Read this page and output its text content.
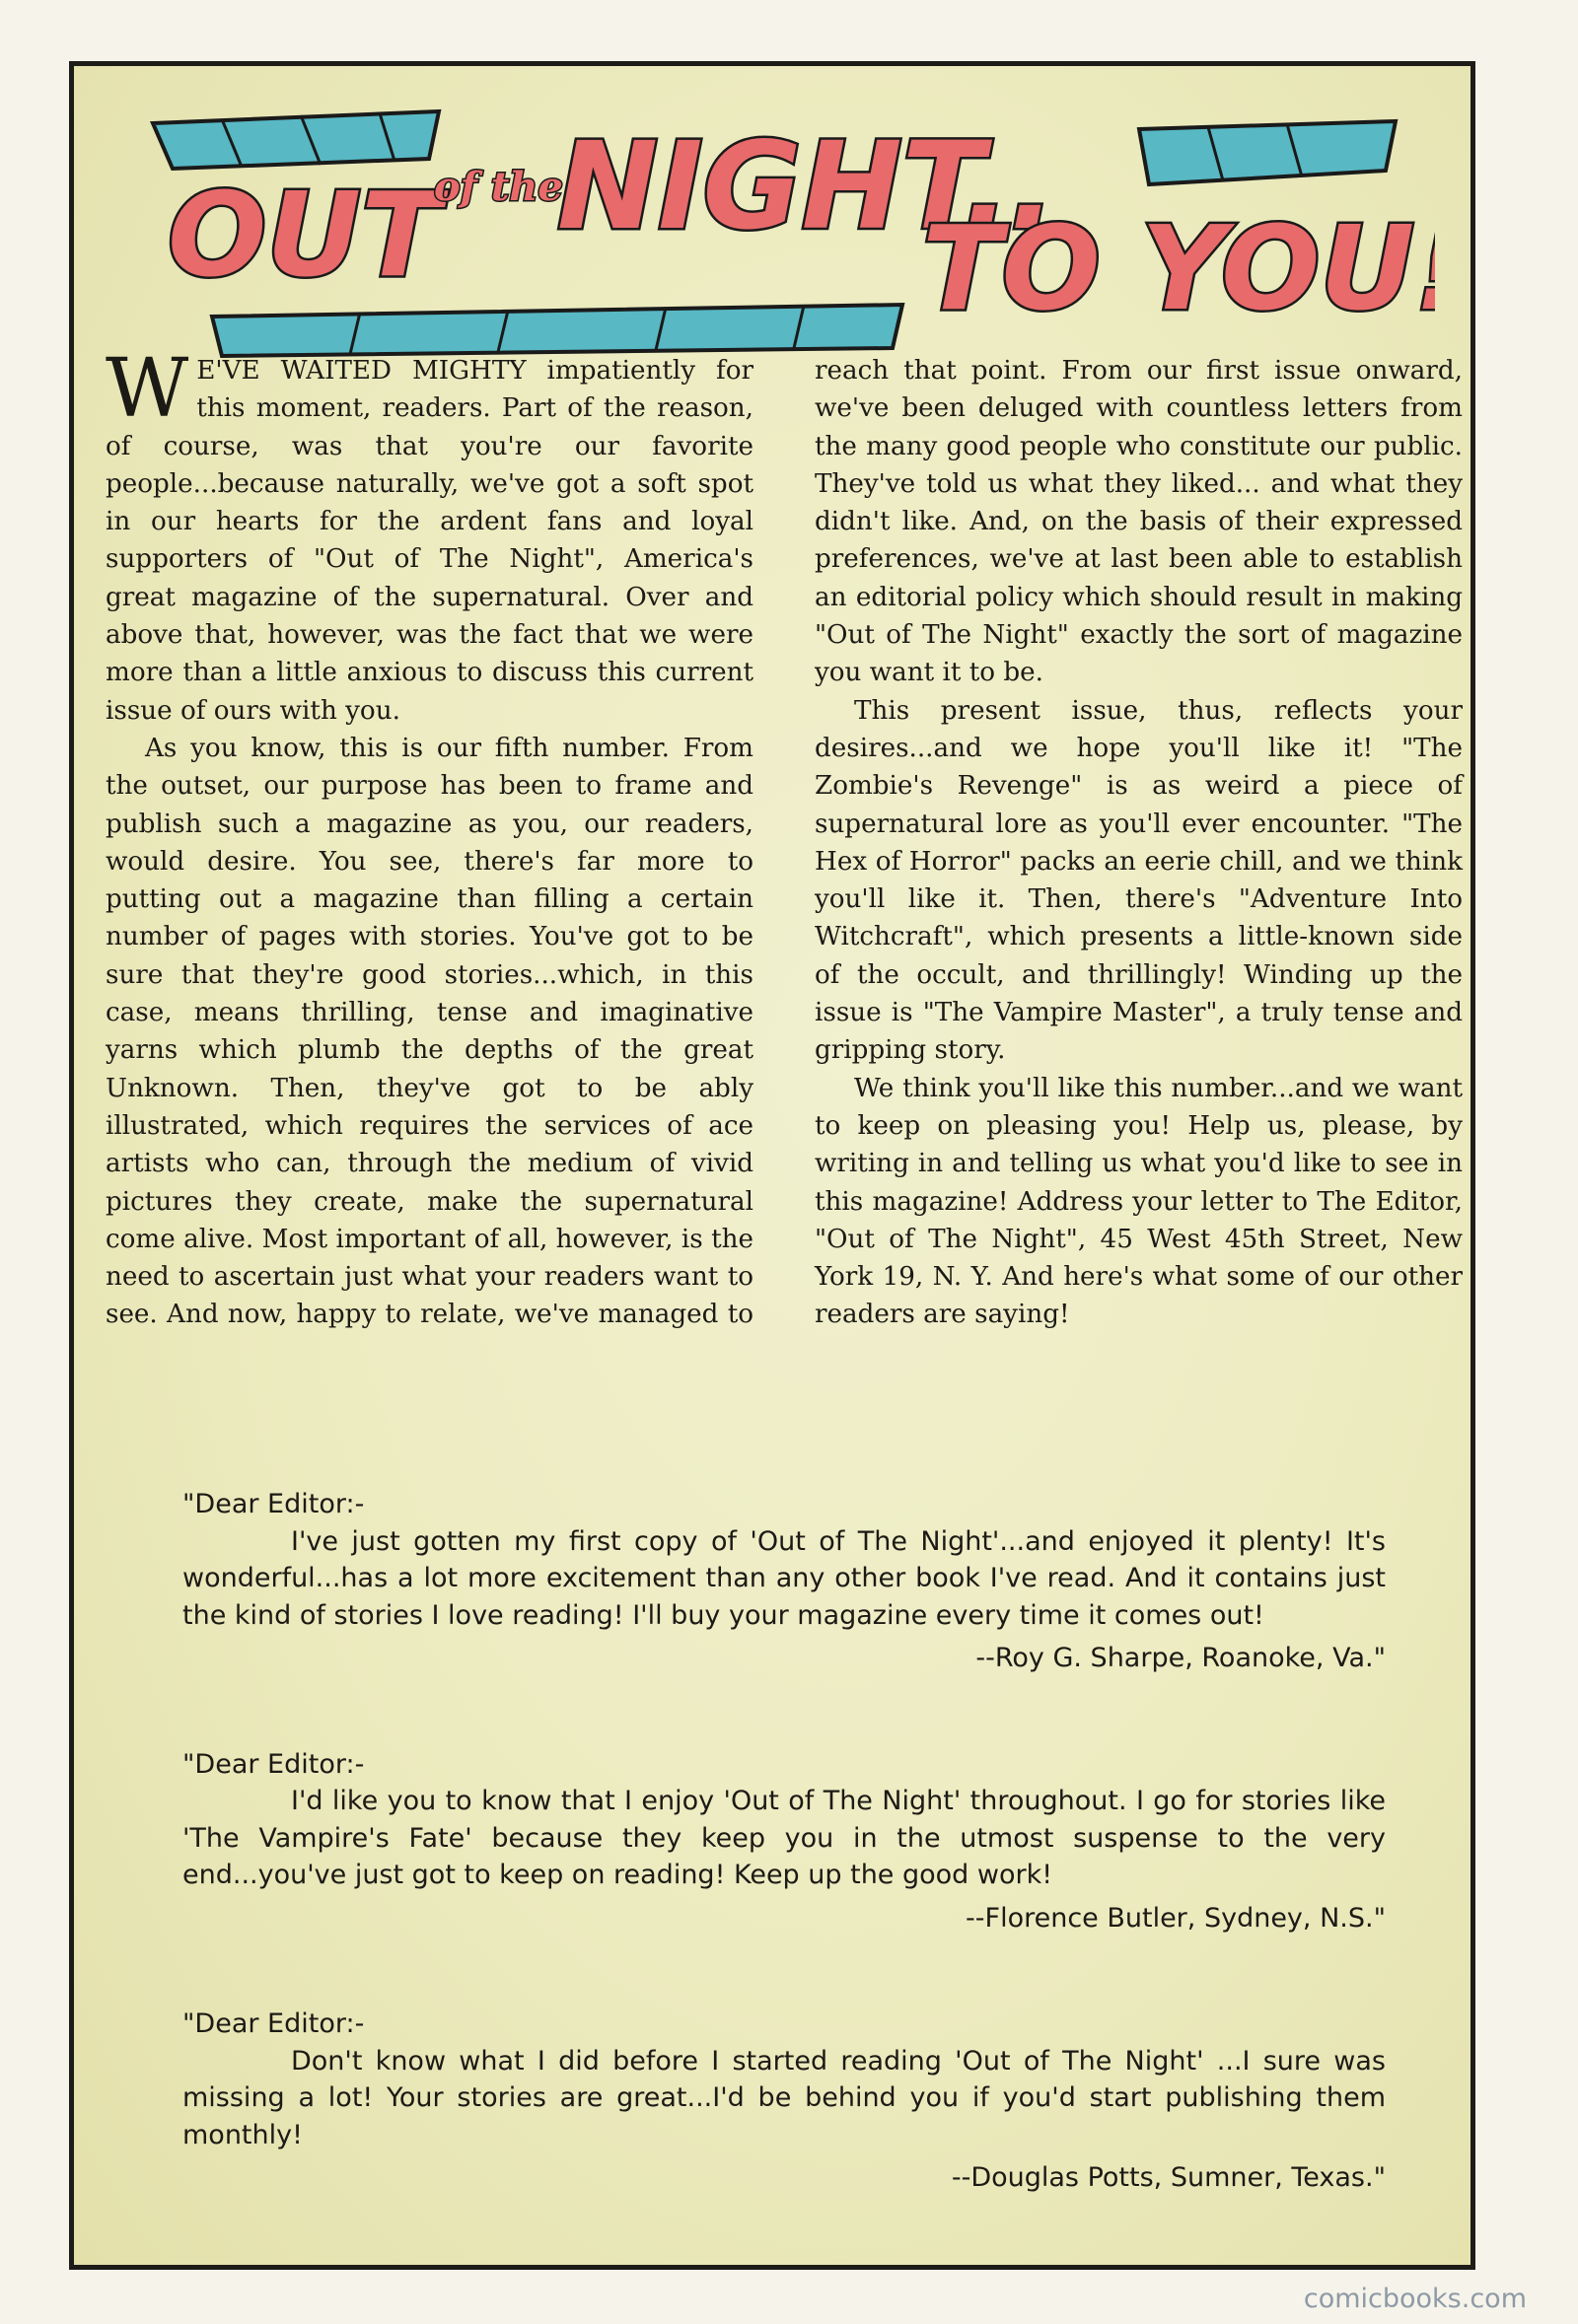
OUT
of the
NIGHT..
TO YOU!

W E'VE WAITED MIGHTY impatiently for this moment, readers. Part of the reason, of course, was that you're our favorite people...because naturally, we've got a soft spot in our hearts for the ardent fans and loyal supporters of "Out of The Night", America's great magazine of the supernatural. Over and above that, however, was the fact that we were more than a little anxious to discuss this current issue of ours with you.

As you know, this is our fifth number. From the outset, our purpose has been to frame and publish such a magazine as you, our readers, would desire. You see, there's far more to putting out a magazine than filling a certain number of pages with stories. You've got to be sure that they're good stories...which, in this case, means thrilling, tense and imaginative yarns which plumb the depths of the great Unknown. Then, they've got to be ably illustrated, which requires the services of ace artists who can, through the medium of vivid pictures they create, make the supernatural come alive. Most important of all, however, is the need to ascertain just what your readers want to see. And now, happy to relate, we've managed to reach that point. From our first issue onward, we've been deluged with countless letters from the many good people who constitute our public. They've told us what they liked... and what they didn't like. And, on the basis of their expressed preferences, we've at last been able to establish an editorial policy which should result in making "Out of The Night" exactly the sort of magazine you want it to be.

This present issue, thus, reflects your desires...and we hope you'll like it! "The Zombie's Revenge" is as weird a piece of supernatural lore as you'll ever encounter. "The Hex of Horror" packs an eerie chill, and we think you'll like it. Then, there's "Adventure Into Witchcraft", which presents a little-known side of the occult, and thrillingly! Winding up the issue is "The Vampire Master", a truly tense and gripping story.

We think you'll like this number...and we want to keep on pleasing you! Help us, please, by writing in and telling us what you'd like to see in this magazine! Address your letter to The Editor, "Out of The Night", 45 West 45th Street, New York 19, N. Y. And here's what some of our other readers are saying!

"Dear Editor:-

I've just gotten my first copy of 'Out of The Night'...and enjoyed it plenty! It's wonderful...has a lot more excitement than any other book I've read. And it contains just the kind of stories I love reading! I'll buy your magazine every time it comes out!

--Roy G. Sharpe, Roanoke, Va."

"Dear Editor:-

I'd like you to know that I enjoy 'Out of The Night' throughout. I go for stories like 'The Vampire's Fate' because they keep you in the utmost suspense to the very end...you've just got to keep on reading! Keep up the good work!

--Florence Butler, Sydney, N.S."

"Dear Editor:-

Don't know what I did before I started reading 'Out of The Night' ...I sure was missing a lot! Your stories are great...I'd be behind you if you'd start publishing them monthly!

--Douglas Potts, Sumner, Texas."

comicbooks.com
